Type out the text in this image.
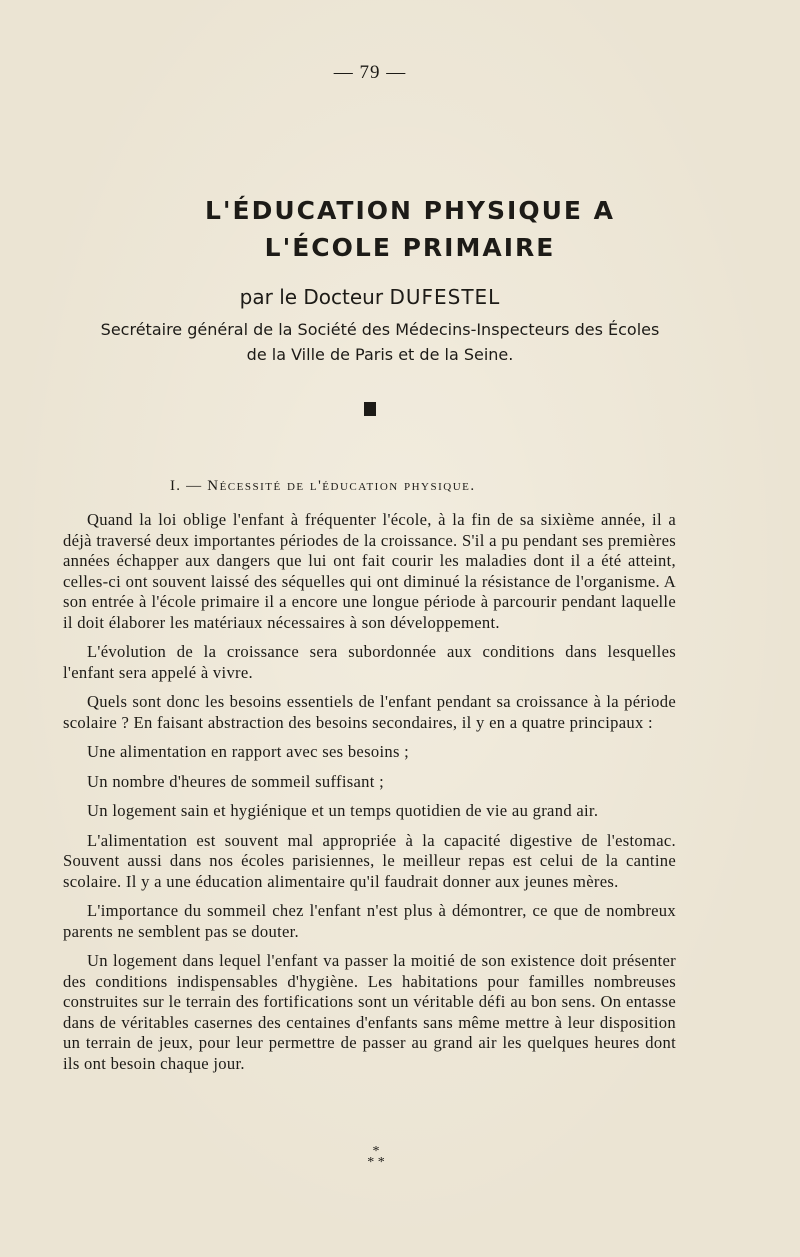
— 79 —
L'ÉDUCATION PHYSIQUE A
L'ÉCOLE PRIMAIRE
par le Docteur DUFESTEL
Secrétaire général de la Société des Médecins-Inspecteurs des Écoles
de la Ville de Paris et de la Seine.
I. — Nécessité de l'éducation physique.

Quand la loi oblige l'enfant à fréquenter l'école, à la fin de sa sixième année, il a déjà traversé deux importantes périodes de la croissance. S'il a pu pendant ses premières années échapper aux dangers que lui ont fait courir les maladies dont il a été atteint, celles-ci ont souvent laissé des séquelles qui ont diminué la résistance de l'organisme. A son entrée à l'école primaire il a encore une longue période à parcourir pendant laquelle il doit élaborer les matériaux nécessaires à son développement.

L'évolution de la croissance sera subordonnée aux conditions dans lesquelles l'enfant sera appelé à vivre.

Quels sont donc les besoins essentiels de l'enfant pendant sa croissance à la période scolaire ? En faisant abstraction des besoins secondaires, il y en a quatre principaux :

Une alimentation en rapport avec ses besoins ;

Un nombre d'heures de sommeil suffisant ;

Un logement sain et hygiénique et un temps quotidien de vie au grand air.

L'alimentation est souvent mal appropriée à la capacité digestive de l'estomac. Souvent aussi dans nos écoles parisiennes, le meilleur repas est celui de la cantine scolaire. Il y a une éducation alimentaire qu'il faudrait donner aux jeunes mères.

L'importance du sommeil chez l'enfant n'est plus à démontrer, ce que de nombreux parents ne semblent pas se douter.

Un logement dans lequel l'enfant va passer la moitié de son existence doit présenter des conditions indispensables d'hygiène. Les habitations pour familles nombreuses construites sur le terrain des fortifications sont un véritable défi au bon sens. On entasse dans de véritables casernes des centaines d'enfants sans même mettre à leur disposition un terrain de jeux, pour leur permettre de passer au grand air les quelques heures dont ils ont besoin chaque jour.

*
* *
